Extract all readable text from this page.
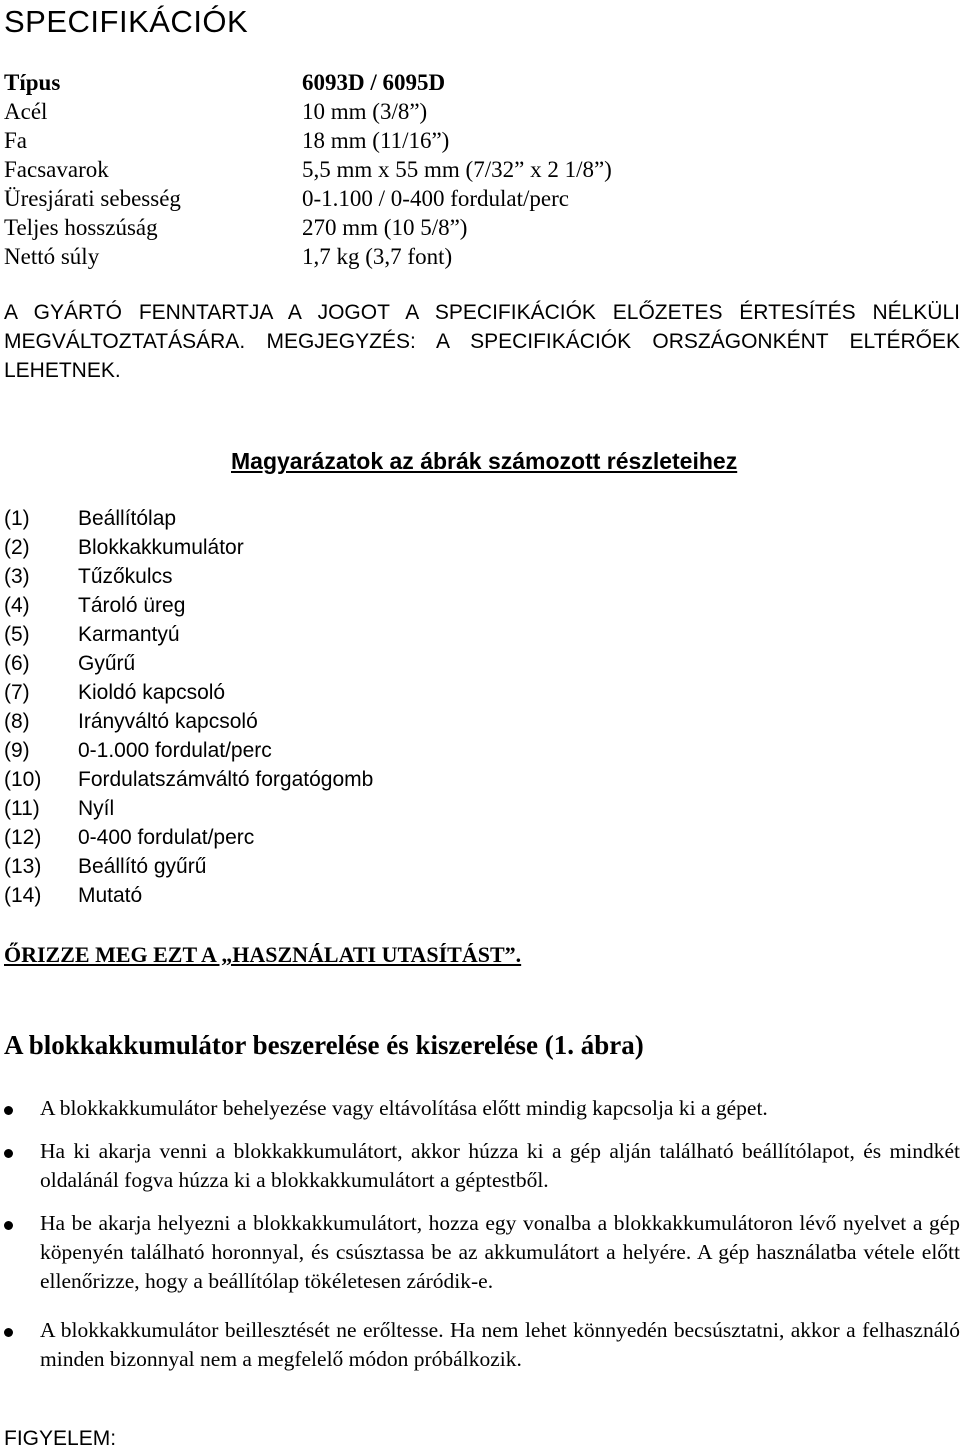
SPECIFIKÁCIÓK
Típus	6093D / 6095D
Acél	10 mm (3/8”)
Fa	18 mm (11/16”)
Facsavarok	5,5 mm x 55 mm (7/32” x 2 1/8”)
Üresjárati sebesség	0-1.100 / 0-400 fordulat/perc
Teljes hosszúság	270 mm (10 5/8”)
Nettó súly	1,7 kg (3,7 font)

A GYÁRTÓ FENNTARTJA A JOGOT A SPECIFIKÁCIÓK ELŐZETES ÉRTESÍTÉS NÉLKÜLI MEGVÁLTOZTATÁSÁRA. MEGJEGYZÉS: A SPECIFIKÁCIÓK ORSZÁGONKÉNT ELTÉRŐEK LEHETNEK.

Magyarázatok az ábrák számozott részleteihez
(1) Beállítólap
(2) Blokkakkumulátor
(3) Tűzőkulcs
(4) Tároló üreg
(5) Karmantyú
(6) Gyűrű
(7) Kioldó kapcsoló
(8) Irányváltó kapcsoló
(9) 0-1.000 fordulat/perc
(10) Fordulatszámváltó forgatógomb
(11) Nyíl
(12) 0-400 fordulat/perc
(13) Beállító gyűrű
(14) Mutató
ŐRIZZE MEG EZT A „HASZNÁLATI UTASÍTÁST”.
A blokkakkumulátor beszerelése és kiszerelése (1. ábra)
A blokkakkumulátor behelyezése vagy eltávolítása előtt mindig kapcsolja ki a gépet.
Ha ki akarja venni a blokkakkumulátort, akkor húzza ki a gép alján található beállítólapot, és mindkét oldalánál fogva húzza ki a blokkakkumulátort a géptestből.
Ha be akarja helyezni a blokkakkumulátort, hozza egy vonalba a blokkakkumulátoron lévő nyelvet a gép köpenyén található horonnyal, és csúsztassa be az akkumulátort a helyére. A gép használatba vétele előtt ellenőrizze, hogy a beállítólap tökéletesen záródik-e.
A blokkakkumulátor beillesztését ne erőltesse. Ha nem lehet könnyedén becsúsztatni, akkor a felhasználó minden bizonnyal nem a megfelelő módon próbálkozik.
FIGYELEM:
